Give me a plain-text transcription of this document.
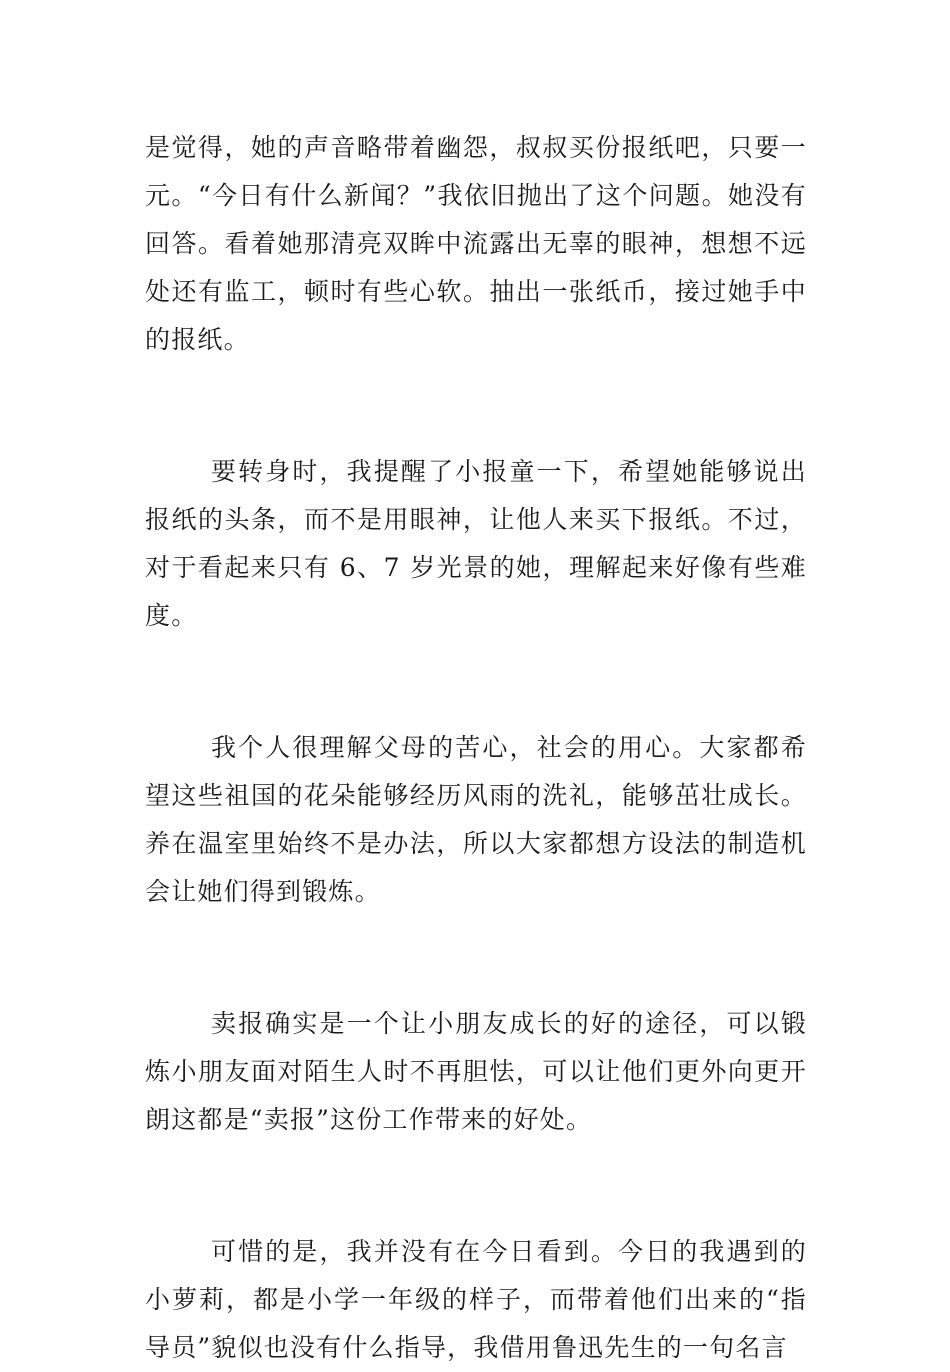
是觉得，她的声音略带着幽怨，叔叔买份报纸吧，只要一元。“今日有什么新闻？”我依旧抛出了这个问题。她没有回答。看着她那清亮双眸中流露出无辜的眼神，想想不远处还有监工，顿时有些心软。抽出一张纸币，接过她手中的报纸。

要转身时，我提醒了小报童一下，希望她能够说出报纸的头条，而不是用眼神，让他人来买下报纸。不过，对于看起来只有 6、7 岁光景的她，理解起来好像有些难度。

我个人很理解父母的苦心，社会的用心。大家都希望这些祖国的花朵能够经历风雨的洗礼，能够茁壮成长。养在温室里始终不是办法，所以大家都想方设法的制造机会让她们得到锻炼。

卖报确实是一个让小朋友成长的好的途径，可以锻炼小朋友面对陌生人时不再胆怯，可以让他们更外向更开朗这都是“卖报”这份工作带来的好处。

可惜的是，我并没有在今日看到。今日的我遇到的小萝莉，都是小学一年级的样子，而带着他们出来的“指导员”貌似也没有什么指导，我借用鲁迅先生的一句名言
